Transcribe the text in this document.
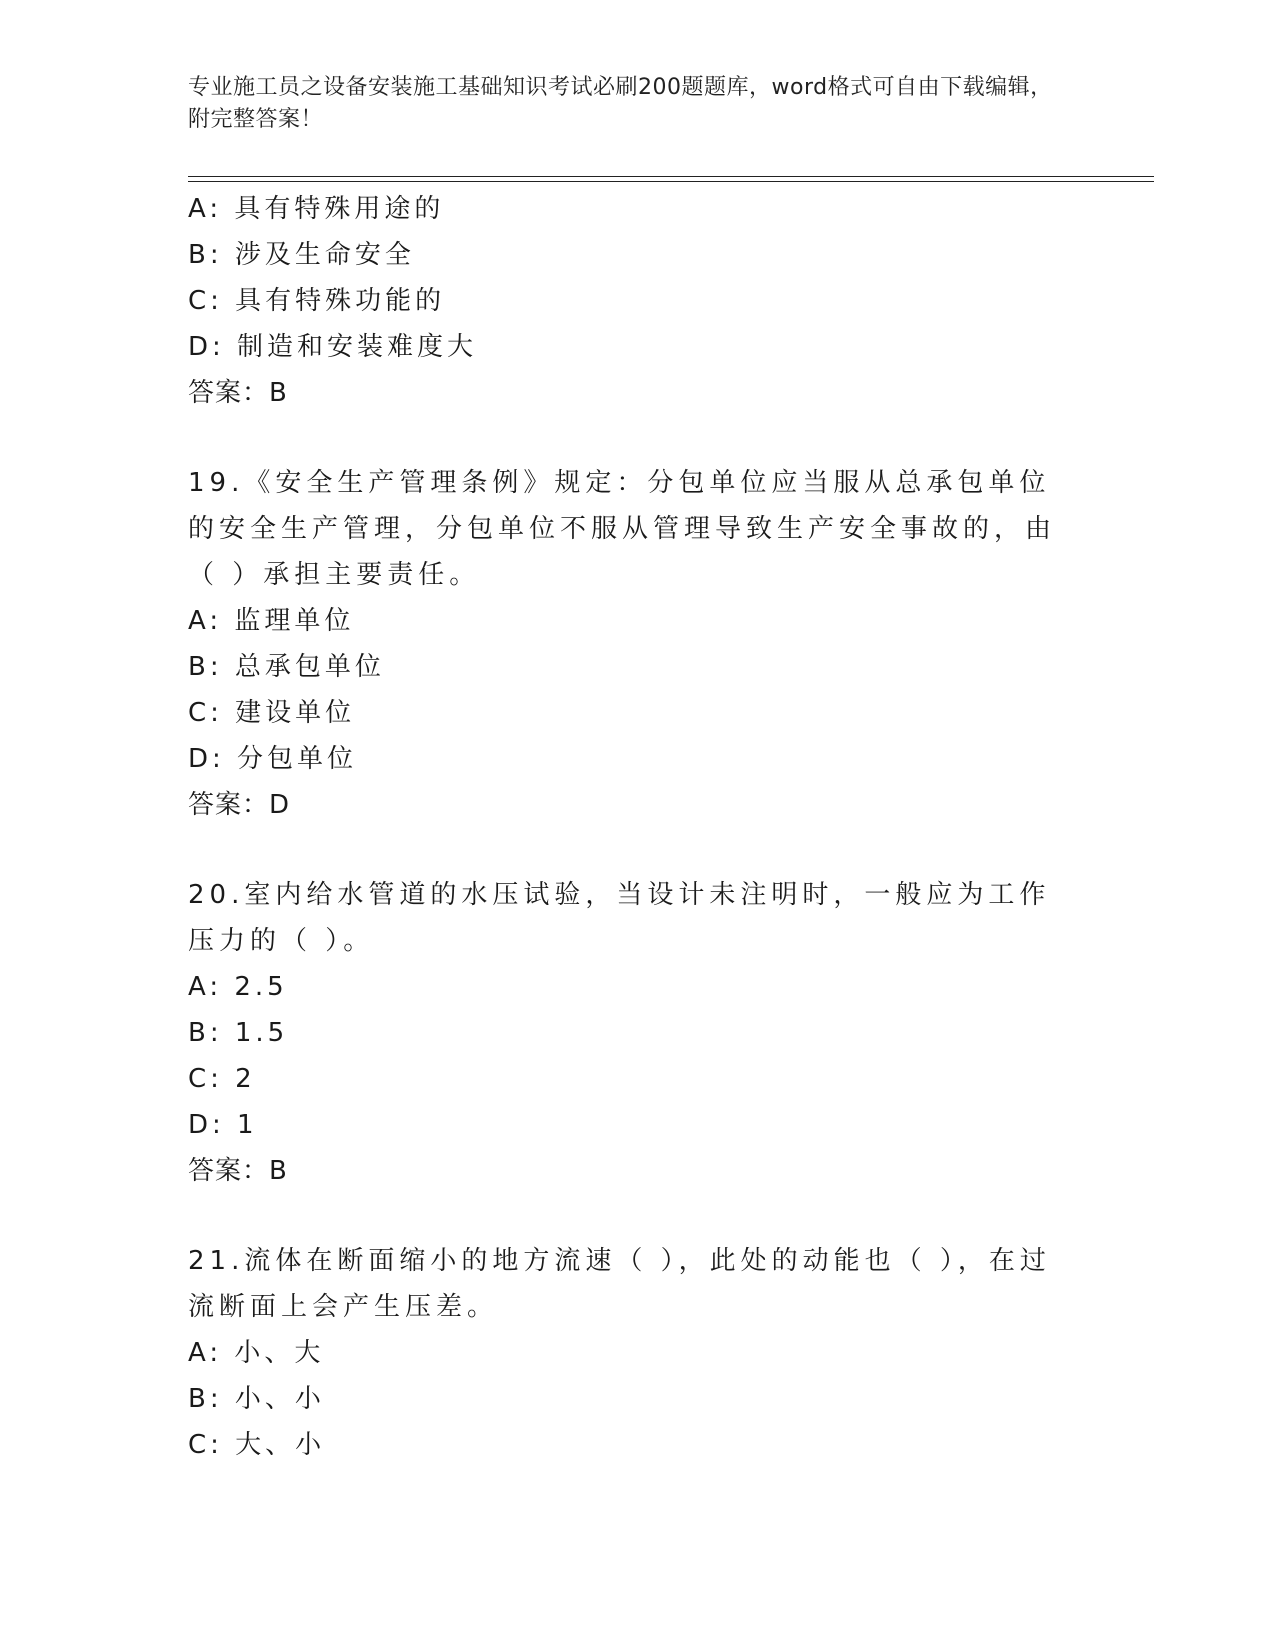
专业施工员之设备安装施工基础知识考试必刷200题题库，word格式可自由下载编辑，附完整答案！
A: 具有特殊用途的
B: 涉及生命安全
C: 具有特殊功能的
D: 制造和安装难度大
答案：B
19.《安全生产管理条例》规定：分包单位应当服从总承包单位的安全生产管理，分包单位不服从管理导致生产安全事故的，由（ ）承担主要责任。
A: 监理单位
B: 总承包单位
C: 建设单位
D: 分包单位
答案：D
20.室内给水管道的水压试验，当设计未注明时，一般应为工作压力的（ ）。
A: 2.5
B: 1.5
C: 2
D: 1
答案：B
21.流体在断面缩小的地方流速（ ），此处的动能也（ ），在过流断面上会产生压差。
A: 小、大
B: 小、小
C: 大、小
